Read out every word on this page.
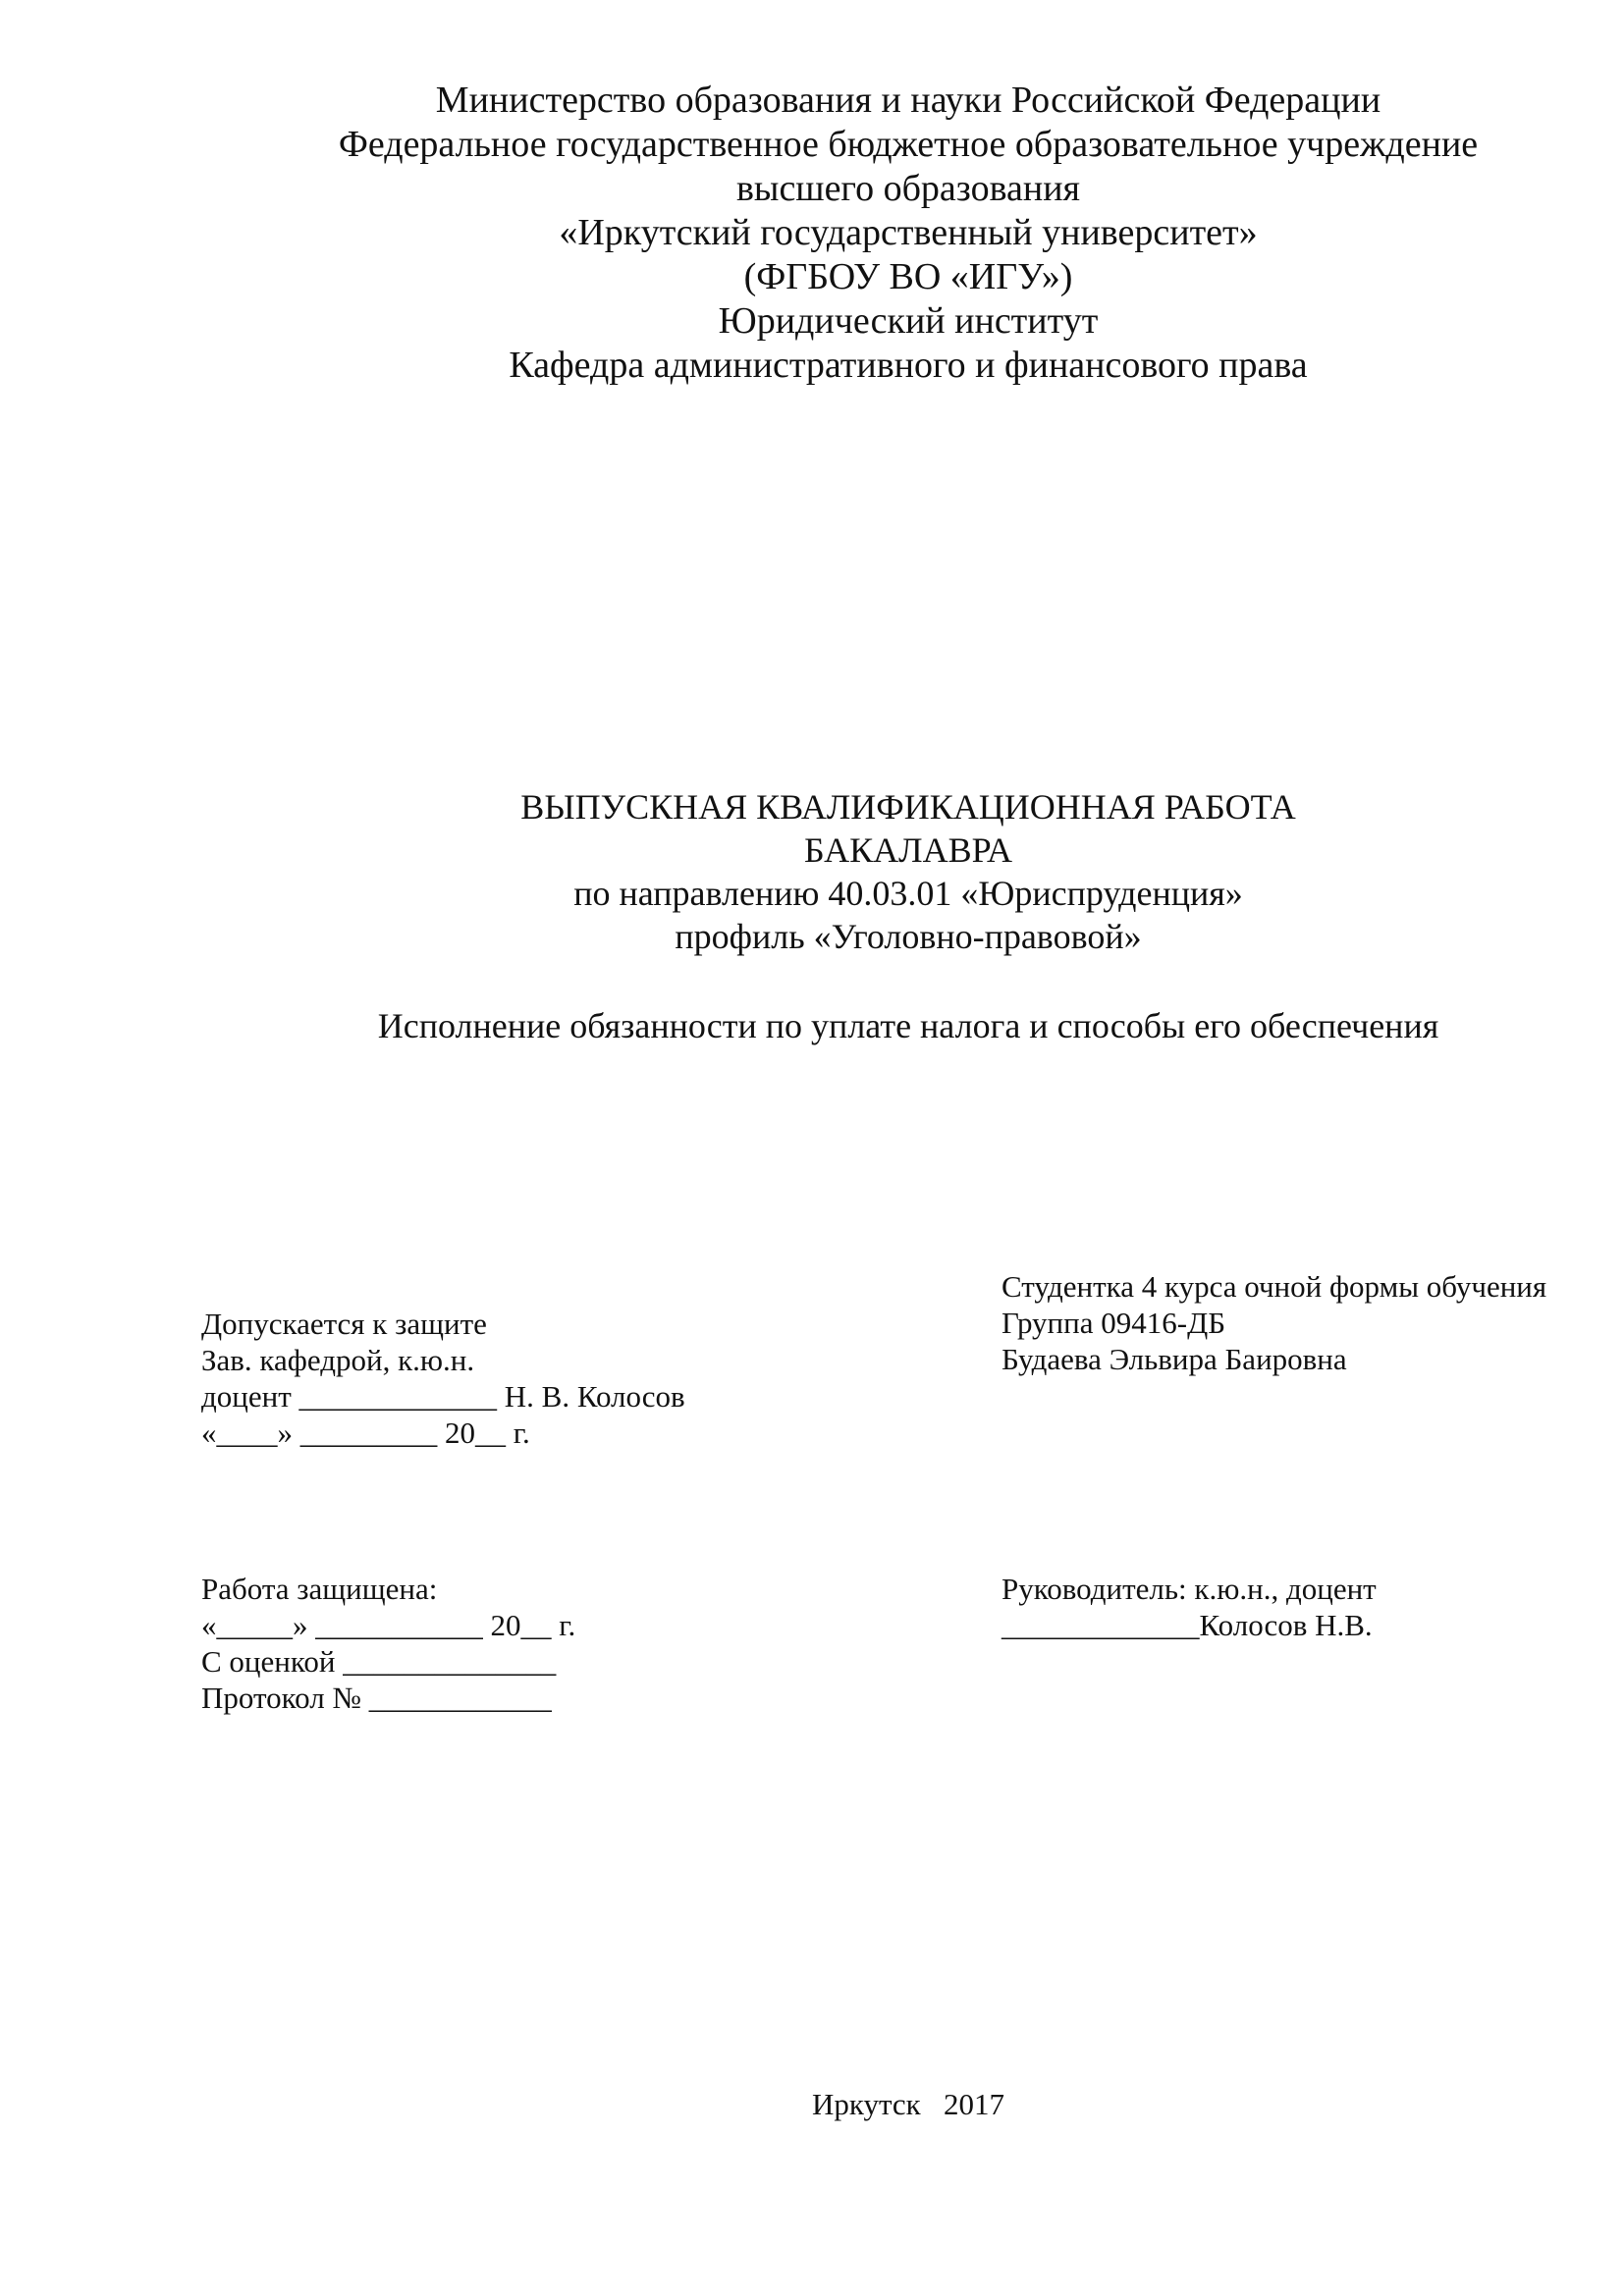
Министерство образования и науки Российской Федерации
Федеральное государственное бюджетное образовательное учреждение
высшего образования
«Иркутский государственный университет»
(ФГБОУ ВО «ИГУ»)
Юридический институт
Кафедра административного и финансового права
ВЫПУСКНАЯ КВАЛИФИКАЦИОННАЯ РАБОТА
БАКАЛАВРА
по направлению 40.03.01 «Юриспруденция»
профиль «Уголовно-правовой»
Исполнение обязанности по уплате налога и способы его обеспечения
Студентка 4 курса очной формы обучения
Группа 09416-ДБ
Будаева Эльвира Баировна
Допускается к защите
Зав. кафедрой, к.ю.н.
доцент _____________ Н. В. Колосов
«____» _________ 20__ г.
Работа защищена:
«_____» ___________ 20__ г.
С оценкой ______________
Протокол № ____________
Руководитель: к.ю.н., доцент
_____________Колосов Н.В.
Иркутск   2017
